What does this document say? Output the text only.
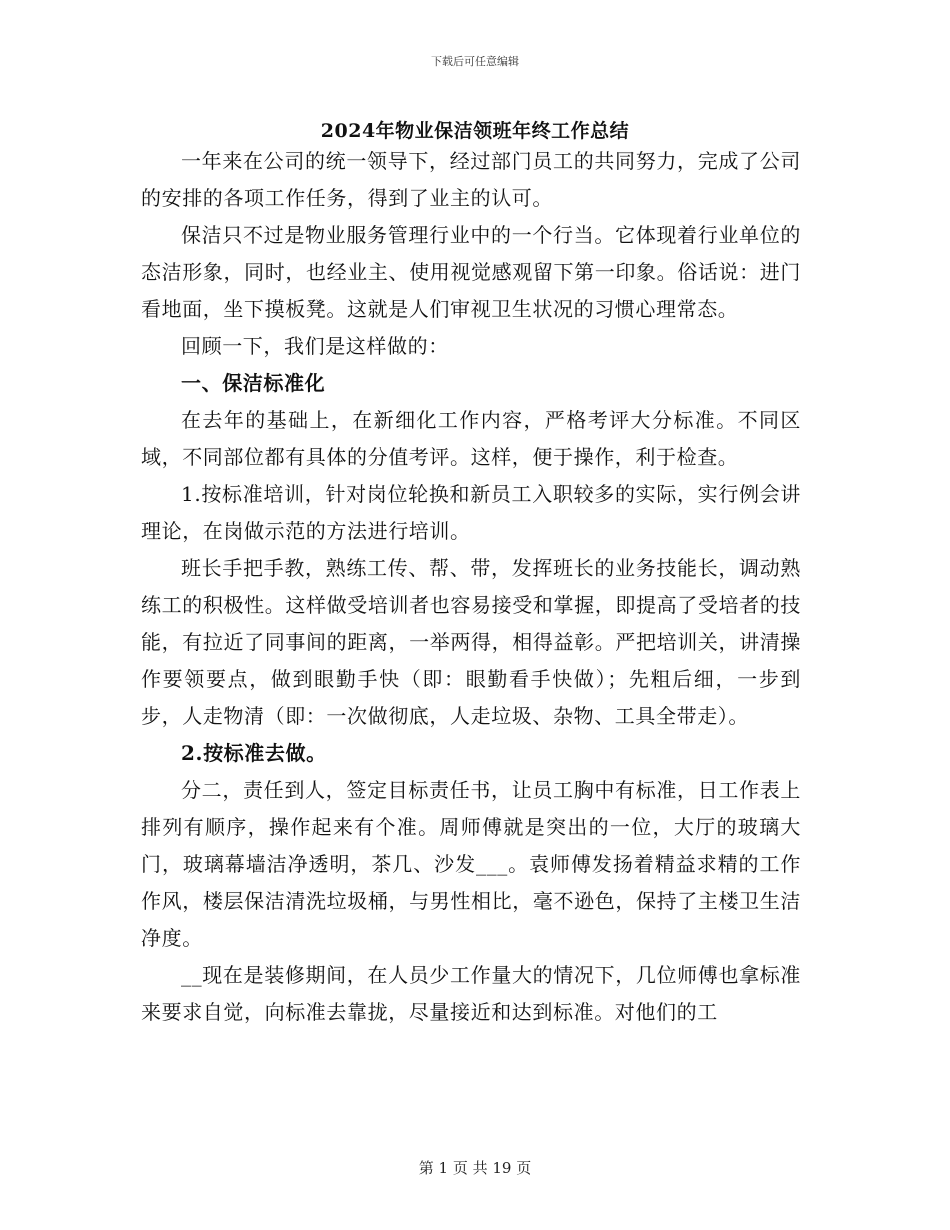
下载后可任意编辑
2024年物业保洁领班年终工作总结

一年来在公司的统一领导下，经过部门员工的共同努力，完成了公司的安排的各项工作任务，得到了业主的认可。

保洁只不过是物业服务管理行业中的一个行当。它体现着行业单位的态洁形象，同时，也经业主、使用视觉感观留下第一印象。俗话说：进门看地面，坐下摸板凳。这就是人们审视卫生状况的习惯心理常态。

回顾一下，我们是这样做的：

一、保洁标准化

在去年的基础上，在新细化工作内容，严格考评大分标准。不同区域，不同部位都有具体的分值考评。这样，便于操作，利于检查。

1.按标准培训，针对岗位轮换和新员工入职较多的实际，实行例会讲理论，在岗做示范的方法进行培训。

班长手把手教，熟练工传、帮、带，发挥班长的业务技能长，调动熟练工的积极性。这样做受培训者也容易接受和掌握，即提高了受培者的技能，有拉近了同事间的距离，一举两得，相得益彰。严把培训关，讲清操作要领要点，做到眼勤手快（即：眼勤看手快做）；先粗后细，一步到步，人走物清（即：一次做彻底，人走垃圾、杂物、工具全带走）。

2.按标准去做。

分二，责任到人，签定目标责任书，让员工胸中有标准，日工作表上排列有顺序，操作起来有个准。周师傅就是突出的一位，大厅的玻璃大门，玻璃幕墙洁净透明，茶几、沙发___。袁师傅发扬着精益求精的工作作风，楼层保洁清洗垃圾桶，与男性相比，毫不逊色，保持了主楼卫生洁净度。

__现在是装修期间，在人员少工作量大的情况下，几位师傅也拿标准来要求自觉，向标准去靠拢，尽量接近和达到标准。对他们的工

第 1 页 共 19 页
